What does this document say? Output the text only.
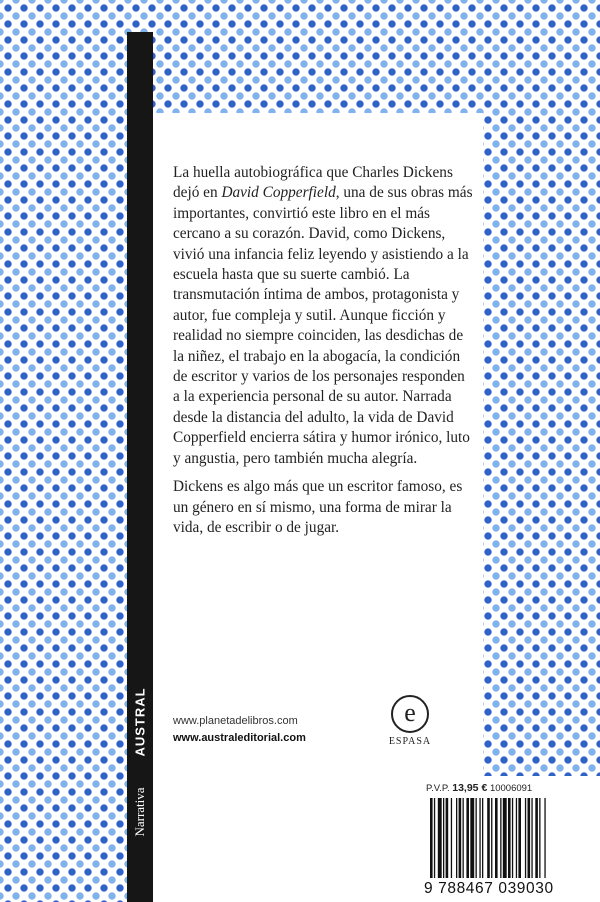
AUSTRAL
Narrativa

La huella autobiográfica que Charles Dickens dejó en David Copperfield, una de sus obras más importantes, convirtió este libro en el más cercano a su corazón. David, como Dickens, vivió una infancia feliz leyendo y asistiendo a la escuela hasta que su suerte cambió. La transmutación íntima de ambos, protagonista y autor, fue compleja y sutil. Aunque ficción y realidad no siempre coinciden, las desdichas de la niñez, el trabajo en la abogacía, la condición de escritor y varios de los personajes responden a la experiencia personal de su autor. Narrada desde la distancia del adulto, la vida de David Copperfield encierra sátira y humor irónico, luto y angustia, pero también mucha alegría.

Dickens es algo más que un escritor famoso, es un género en sí mismo, una forma de mirar la vida, de escribir o de jugar.

www.planetadelibros.com
www.australeditorial.com
e
ESPASA
P.V.P. 13,95 € 10006091
9 788467 039030
